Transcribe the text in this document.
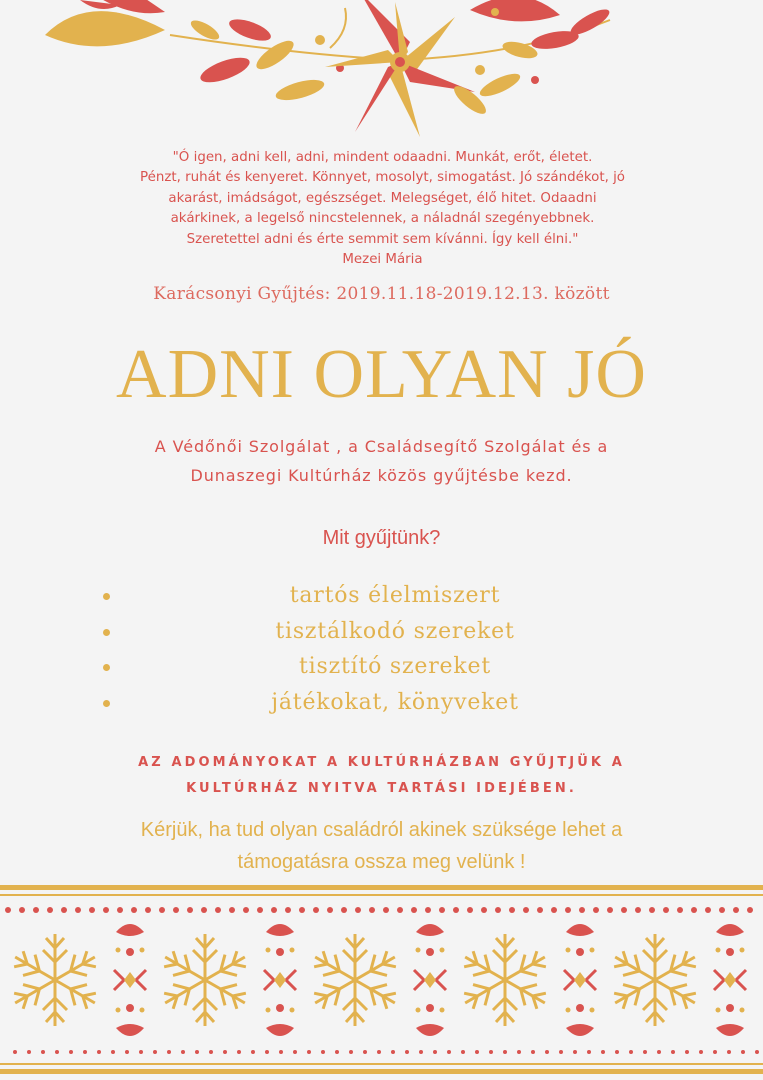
"Ó igen, adni kell, adni, mindent odaadni. Munkát, erőt, életet.
Pénzt, ruhát és kenyeret. Könnyet, mosolyt, simogatást. Jó szándékot, jó
akarást, imádságot, egészséget. Melegséget, élő hitet. Odaadni
akárkinek, a legelső nincstelennek, a náladnál szegényebbnek.
Szeretettel adni és érte semmit sem kívánni. Így kell élni."
Mezei Mária
Karácsonyi Gyűjtés: 2019.11.18-2019.12.13. között
ADNI OLYAN JÓ
A Védőnői Szolgálat , a Családsegítő Szolgálat és a
Dunaszegi Kultúrház közös gyűjtésbe kezd.
Mit gyűjtünk?
tartós élelmiszert
tisztálkodó szereket
tisztító szereket
játékokat, könyveket
AZ ADOMÁNYOKAT A KULTÚRHÁZBAN GYŰJTJÜK A
KULTÚRHÁZ NYITVA TARTÁSI IDEJÉBEN.
Kérjük, ha tud olyan családról akinek szüksége lehet a
támogatásra ossza meg velünk !
